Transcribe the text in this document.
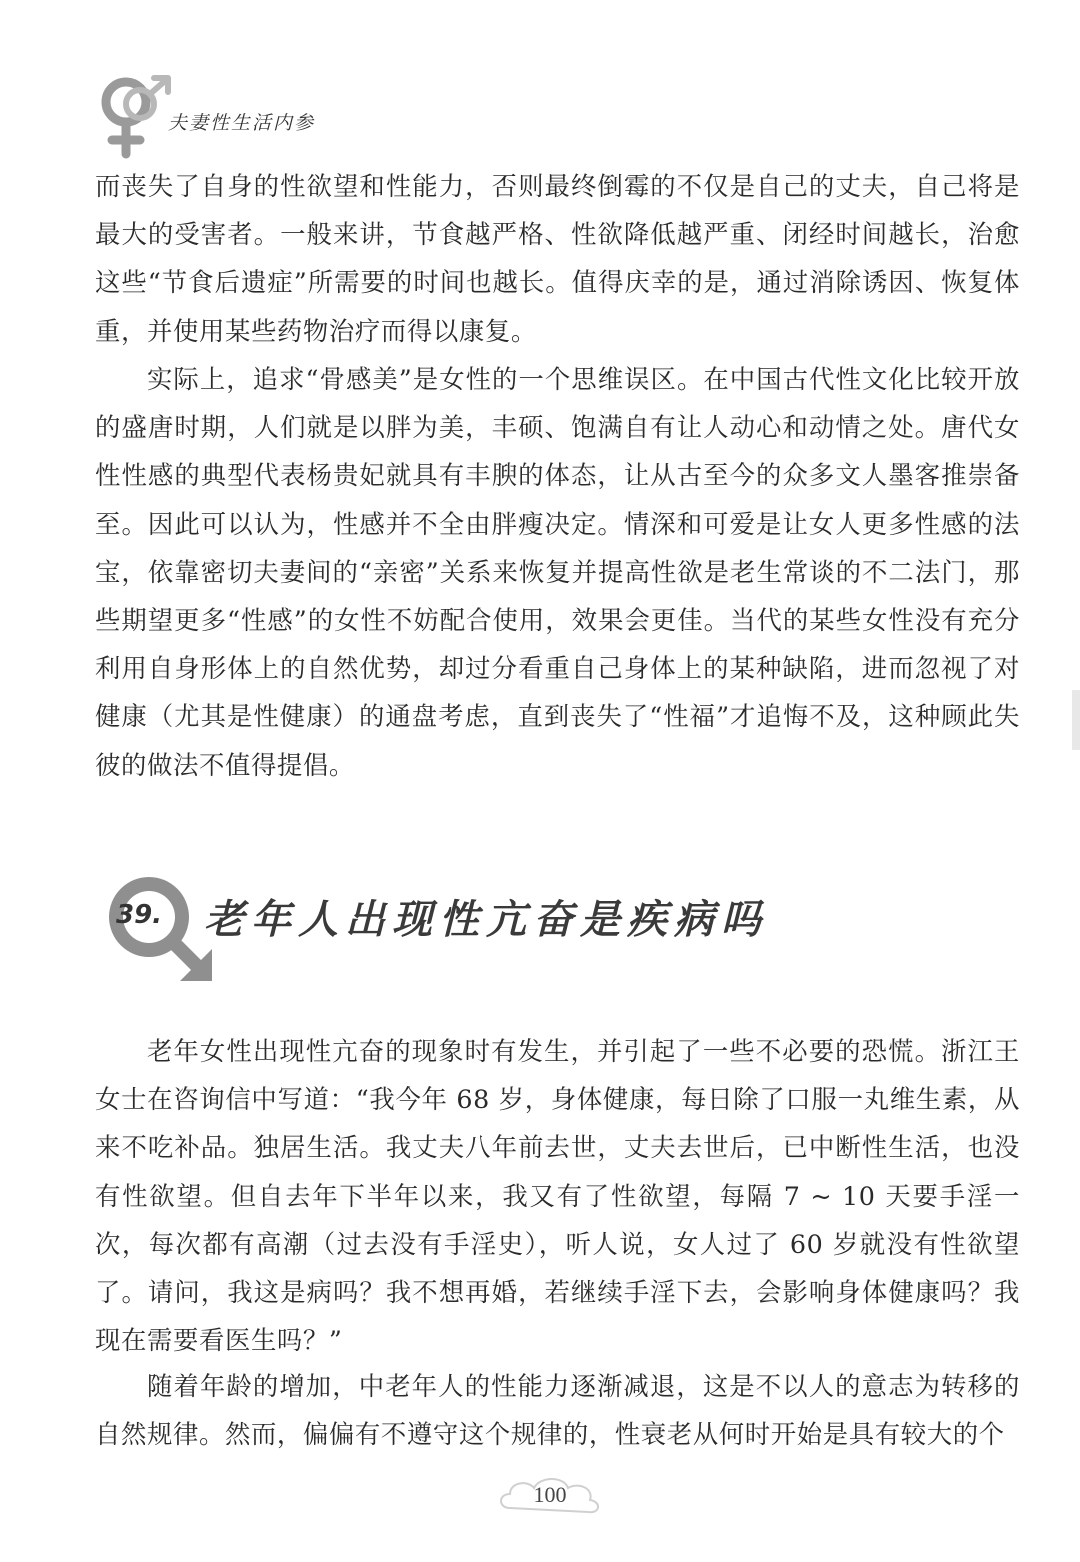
夫妻性生活内参

而丧失了自身的性欲望和性能力，否则最终倒霉的不仅是自己的丈夫，自己将是最大的受害者。一般来讲，节食越严格、性欲降低越严重、闭经时间越长，治愈这些“节食后遗症”所需要的时间也越长。值得庆幸的是，通过消除诱因、恢复体重，并使用某些药物治疗而得以康复。

实际上，追求“骨感美”是女性的一个思维误区。在中国古代性文化比较开放的盛唐时期，人们就是以胖为美，丰硕、饱满自有让人动心和动情之处。唐代女性性感的典型代表杨贵妃就具有丰腴的体态，让从古至今的众多文人墨客推崇备至。因此可以认为，性感并不全由胖瘦决定。情深和可爱是让女人更多性感的法宝，依靠密切夫妻间的“亲密”关系来恢复并提高性欲是老生常谈的不二法门，那些期望更多“性感”的女性不妨配合使用，效果会更佳。当代的某些女性没有充分利用自身形体上的自然优势，却过分看重自己身体上的某种缺陷，进而忽视了对健康（尤其是性健康）的通盘考虑，直到丧失了“性福”才追悔不及，这种顾此失彼的做法不值得提倡。

39. 老年人出现性亢奋是疾病吗

老年女性出现性亢奋的现象时有发生，并引起了一些不必要的恐慌。浙江王女士在咨询信中写道：“我今年 68 岁，身体健康，每日除了口服一丸维生素，从来不吃补品。独居生活。我丈夫八年前去世，丈夫去世后，已中断性生活，也没有性欲望。但自去年下半年以来，我又有了性欲望，每隔 7 ~ 10 天要手淫一次，每次都有高潮（过去没有手淫史），听人说，女人过了 60 岁就没有性欲望了。请问，我这是病吗？我不想再婚，若继续手淫下去，会影响身体健康吗？我现在需要看医生吗？”

随着年龄的增加，中老年人的性能力逐渐减退，这是不以人的意志为转移的自然规律。然而，偏偏有不遵守这个规律的，性衰老从何时开始是具有较大的个

100
